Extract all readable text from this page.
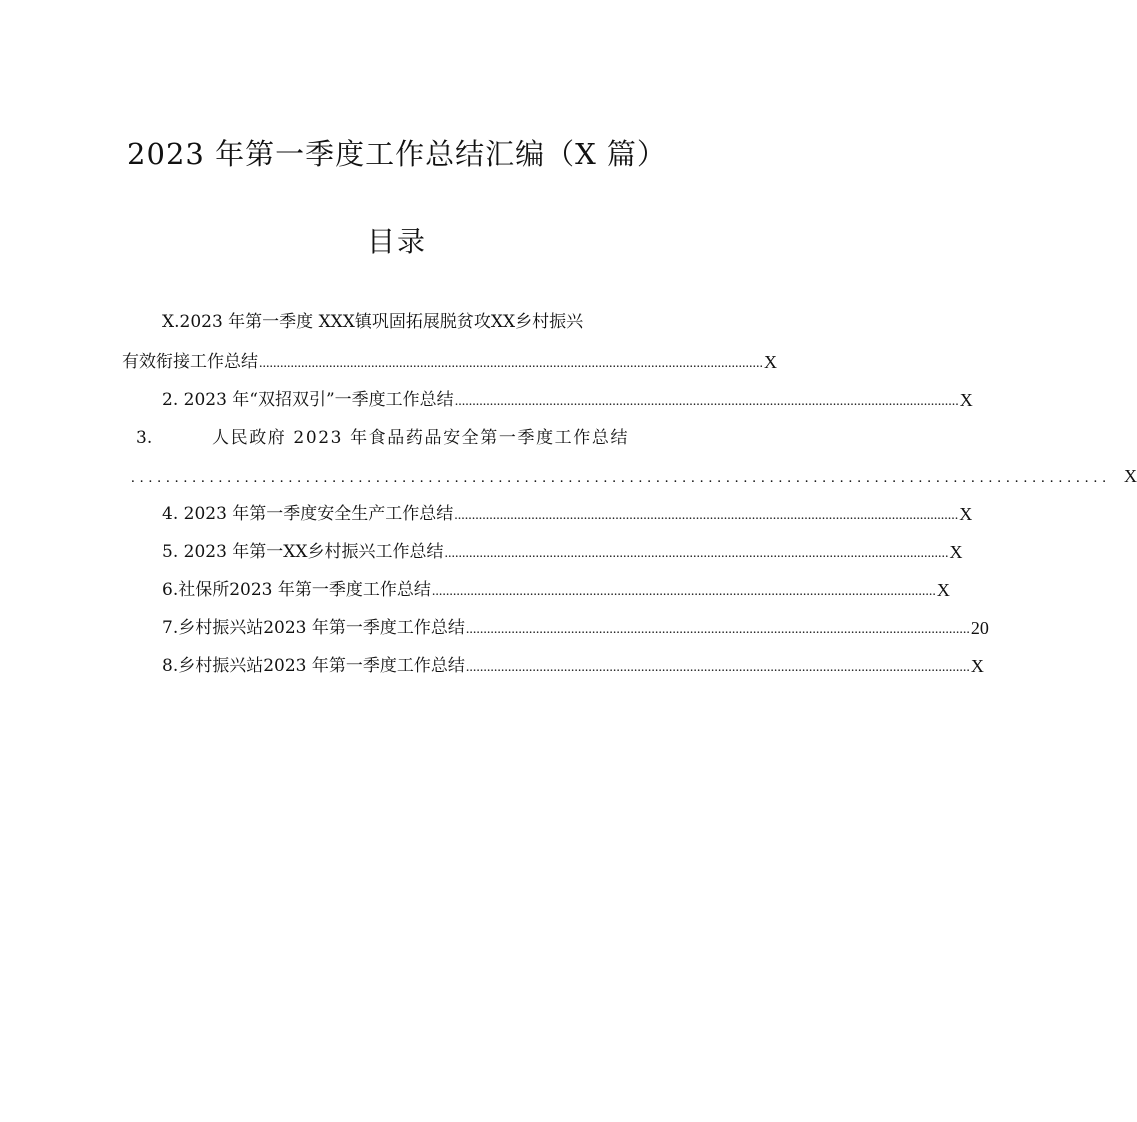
2023 年第一季度工作总结汇编（X 篇）
目录
X.2023 年第一季度 XXX镇巩固拓展脱贫攻XX乡村振兴
有效衔接工作总结 ................................................................................................................................................ X
2. 2023 年“双招双引”一季度工作总结 ................................................................................................................................................ X
3.	人民政府 2023 年食品药品安全第一季度工作总结
................................................................................................................ X
4. 2023 年第一季度安全生产工作总结 ................................................................................................................................................ X
5. 2023 年第一XX乡村振兴工作总结 ................................................................................................................................................ X
6.社保所2023 年第一季度工作总结 ................................................................................................................................................ X
7.乡村振兴站2023 年第一季度工作总结 ................................................................................................................................................ 20
8.乡村振兴站2023 年第一季度工作总结 ................................................................................................................................................ X
